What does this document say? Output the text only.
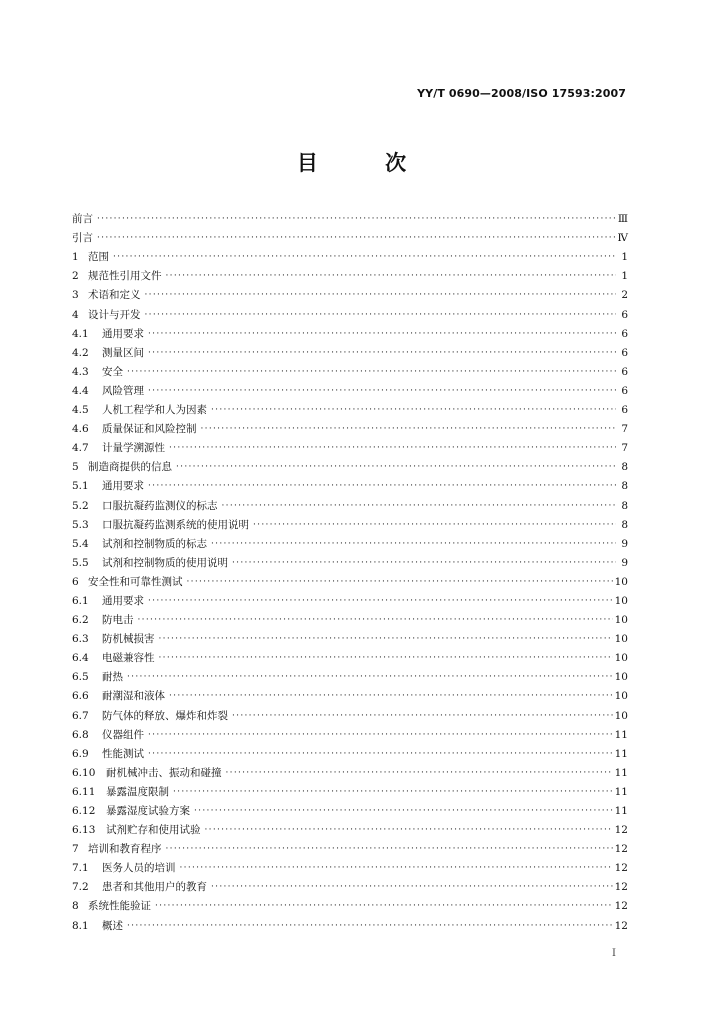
YY/T 0690—2008/ISO 17593:2007
目 次
前言 ·····	Ⅲ
引言 ·····	Ⅳ
1 范围 ·····	1
2 规范性引用文件 ·····	1
3 术语和定义 ·····	2
4 设计与开发 ·····	6
4.1	通用要求 ·····	6
4.2	测量区间 ·····	6
4.3	安全 ·····	6
4.4	风险管理 ·····	6
4.5	人机工程学和人为因素 ·····	6
4.6	质量保证和风险控制 ·····	7
4.7	计量学溯源性 ·····	7
5 制造商提供的信息 ·····	8
5.1	通用要求 ·····	8
5.2	口服抗凝药监测仪的标志 ·····	8
5.3	口服抗凝药监测系统的使用说明 ·····	8
5.4	试剂和控制物质的标志 ·····	9
5.5	试剂和控制物质的使用说明 ·····	9
6 安全性和可靠性测试 ·····	10
6.1	通用要求 ·····	10
6.2	防电击 ·····	10
6.3	防机械损害 ·····	10
6.4	电磁兼容性 ·····	10
6.5	耐热 ·····	10
6.6	耐潮湿和液体 ·····	10
6.7	防气体的释放、爆炸和炸裂 ·····	10
6.8	仪器组件 ·····	11
6.9	性能测试 ·····	11
6.10	耐机械冲击、振动和碰撞 ·····	11
6.11	暴露温度限制 ·····	11
6.12	暴露湿度试验方案 ·····	11
6.13	试剂贮存和使用试验 ·····	12
7 培训和教育程序 ·····	12
7.1	医务人员的培训 ·····	12
7.2	患者和其他用户的教育 ·····	12
8 系统性能验证 ·····	12
8.1	概述 ·····	12
I
